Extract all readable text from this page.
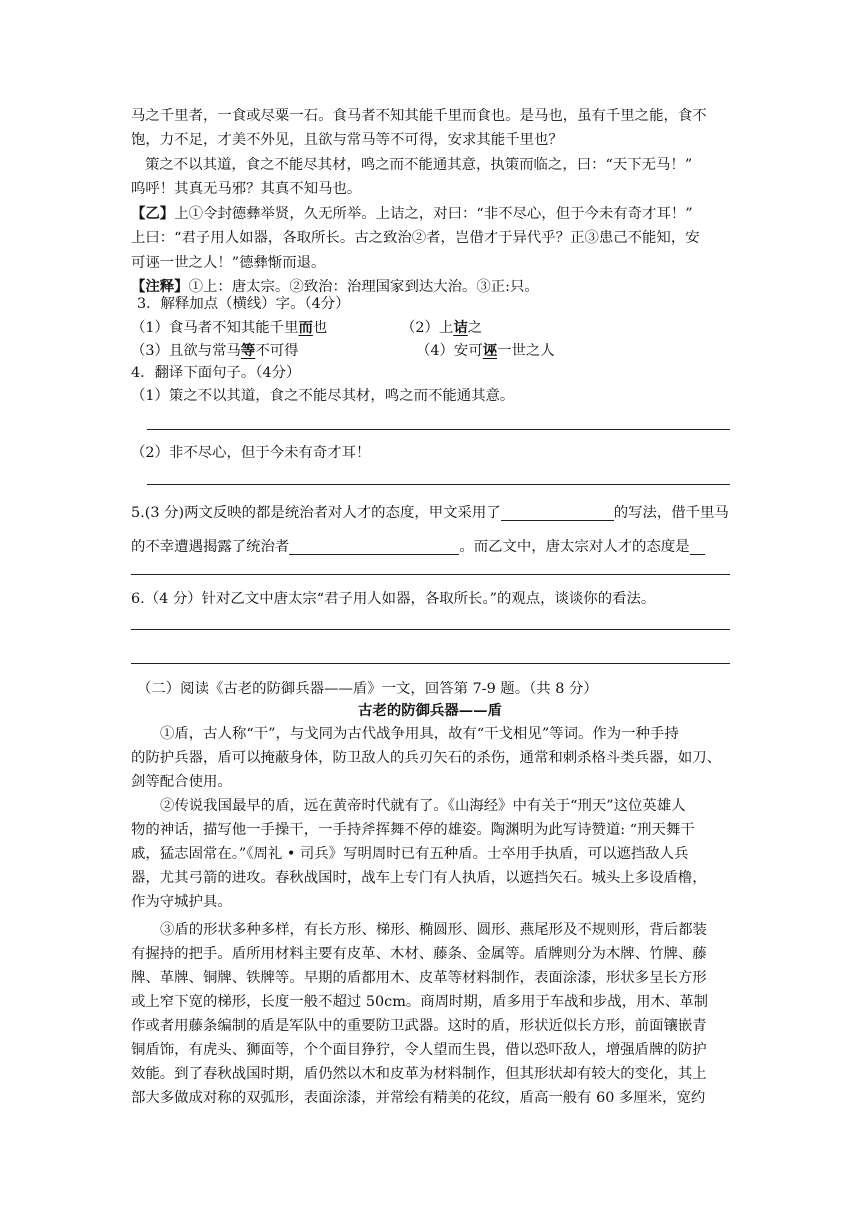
马之千里者，一食或尽粟一石。食马者不知其能千里而食也。是马也，虽有千里之能，食不
饱，力不足，才美不外见，且欲与常马等不可得，安求其能千里也？
策之不以其道，食之不能尽其材，鸣之而不能通其意，执策而临之，曰：“天下无马！”
呜呼！其真无马邪？其真不知马也。
【乙】上①令封德彝举贤，久无所举。上诘之，对曰：“非不尽心，但于今未有奇才耳！”
上曰：“君子用人如器，各取所长。古之致治②者，岂借才于异代乎？正③患己不能知，安
可诬一世之人！”德彝惭而退。
【注释】①上：唐太宗。②致治：治理国家到达大治。③正:只。
3．解释加点（横线）字。（4分）
（1）食马者不知其能千里而也	（2）上诘之
（3）且欲与常马等不可得	（4）安可诬一世之人
4．翻译下面句子。（4分）
（1）策之不以其道，食之不能尽其材，鸣之而不能通其意。
（2）非不尽心，但于今未有奇才耳！
5.(3 分)两文反映的都是统治者对人才的态度，甲文采用了	的写法，借千里马
的不幸遭遇揭露了统治者	。而乙文中，唐太宗对人才的态度是
6.（4 分）针对乙文中唐太宗“君子用人如器，各取所长。”的观点，谈谈你的看法。
（二）阅读《古老的防御兵器——盾》一文，回答第 7-9 题。（共 8 分）
古老的防御兵器——盾
①盾，古人称“干”，与戈同为古代战争用具，故有“干戈相见”等词。作为一种手持
的防护兵器，盾可以掩蔽身体，防卫敌人的兵刃矢石的杀伤，通常和刺杀格斗类兵器，如刀、
剑等配合使用。
②传说我国最早的盾，远在黄帝时代就有了。《山海经》中有关于“刑天”这位英雄人
物的神话，描写他一手操干，一手持斧挥舞不停的雄姿。陶渊明为此写诗赞道: “刑天舞干
戚，猛志固常在。”《周礼 • 司兵》写明周时已有五种盾。士卒用手执盾，可以遮挡敌人兵
器，尤其弓箭的进攻。春秋战国时，战车上专门有人执盾，以遮挡矢石。城头上多设盾橹，
作为守城护具。
③盾的形状多种多样，有长方形、梯形、椭圆形、圆形、燕尾形及不规则形，背后都装
有握持的把手。盾所用材料主要有皮革、木材、藤条、金属等。盾牌则分为木牌、竹牌、藤
牌、革牌、铜牌、铁牌等。早期的盾都用木、皮革等材料制作，表面涂漆，形状多呈长方形
或上窄下宽的梯形，长度一般不超过 50cm。商周时期，盾多用于车战和步战，用木、革制
作或者用藤条编制的盾是军队中的重要防卫武器。这时的盾，形状近似长方形，前面镶嵌青
铜盾饰，有虎头、狮面等，个个面目狰狞，令人望而生畏，借以恐吓敌人，增强盾牌的防护
效能。到了春秋战国时期，盾仍然以木和皮革为材料制作，但其形状却有较大的变化，其上
部大多做成对称的双弧形，表面涂漆，并常绘有精美的花纹，盾高一般有 60 多厘米，宽约
